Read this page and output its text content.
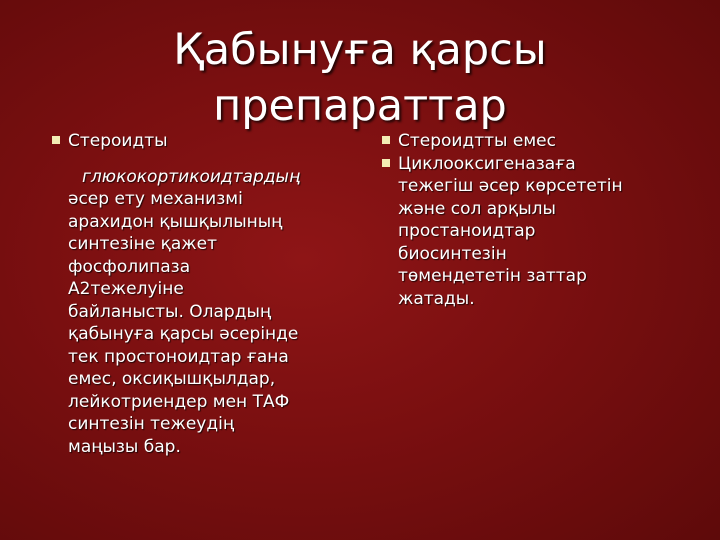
Қабынуға қарсы
препараттар
Стероидты
глюкокортикоидтардың
әсер ету механизмі
арахидон қышқылының
синтезіне қажет
фосфолипаза
А2тежелуіне
байланысты. Олардың
қабынуға қарсы әсерінде
тек простоноидтар ғана
емес, оксиқышқылдар,
лейкотриендер мен ТАФ
синтезін тежеудің
маңызы бар.
Стероидтты емес
Циклооксигеназаға
тежегіш әсер көрсететін
және сол арқылы
простаноидтар
биосинтезін
төмендететін заттар
жатады.
